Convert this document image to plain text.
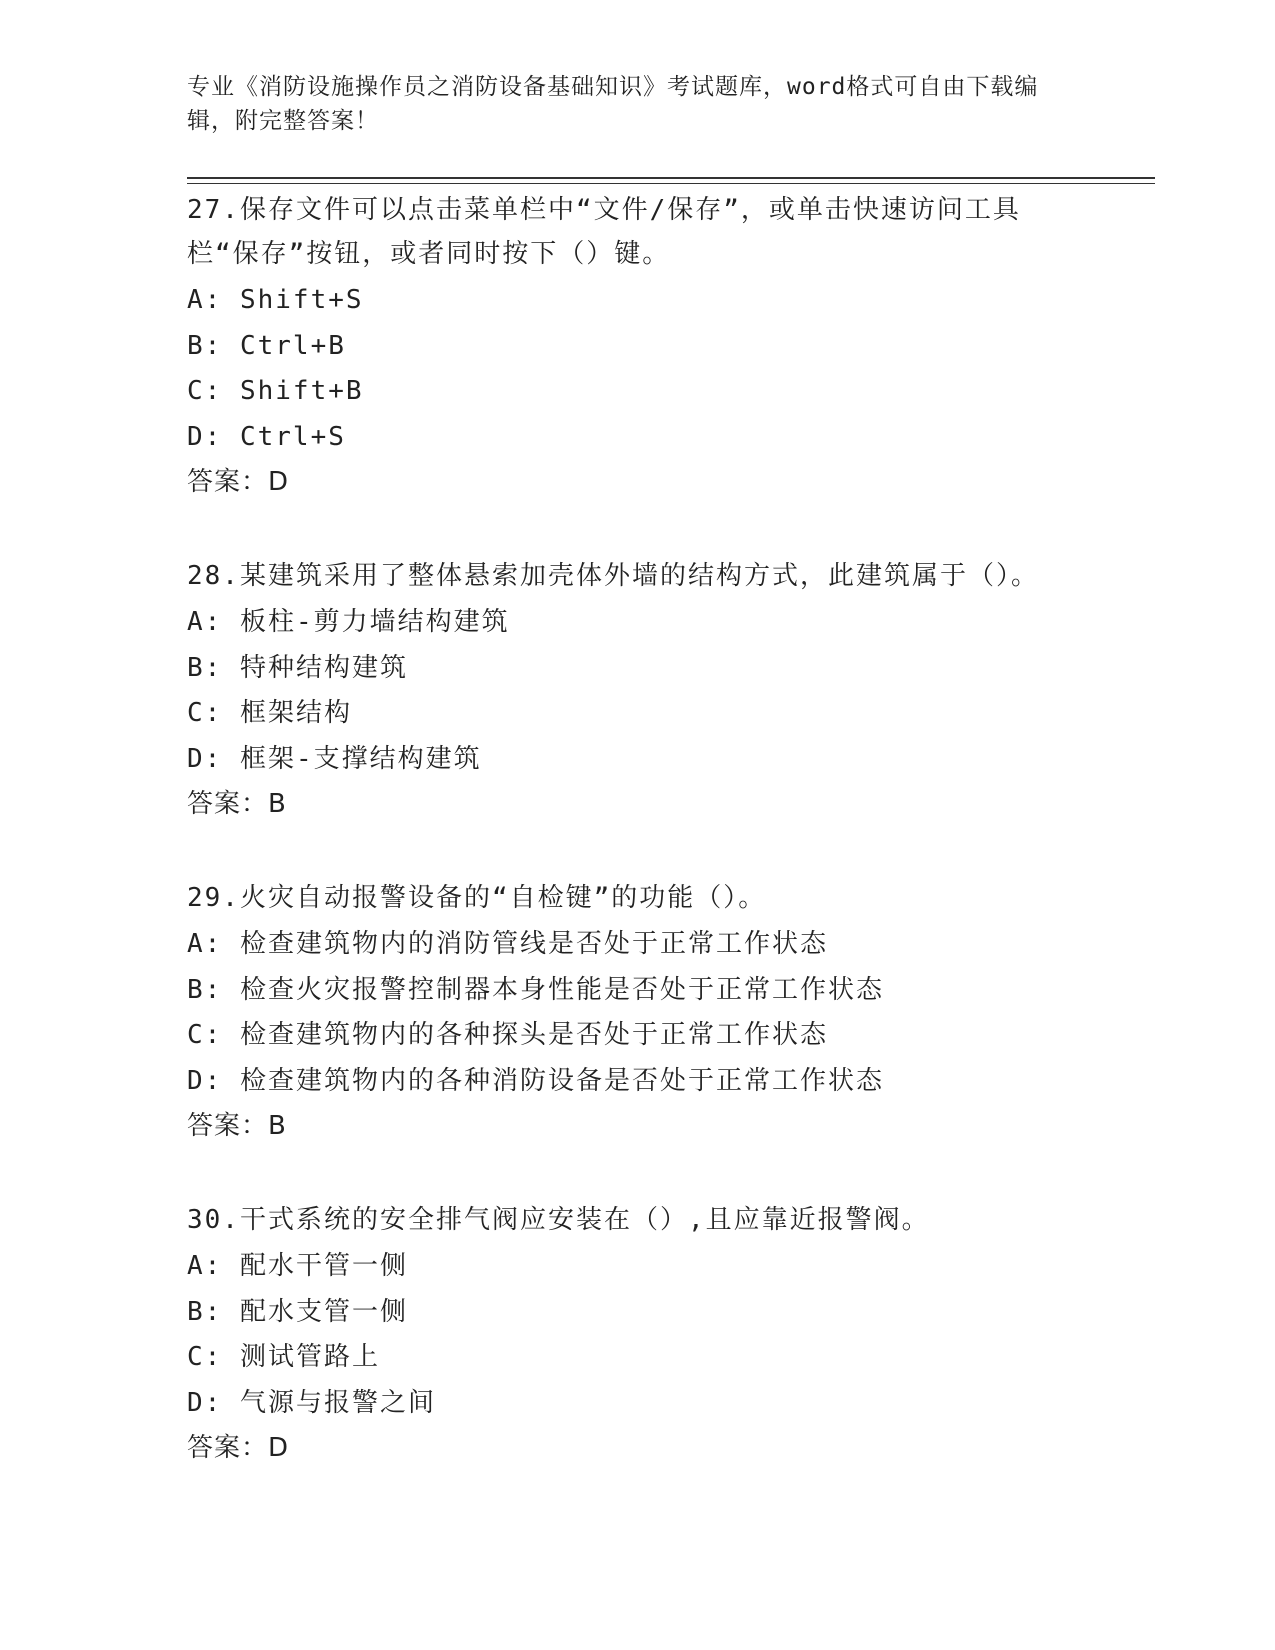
专业《消防设施操作员之消防设备基础知识》考试题库，word格式可自由下载编辑，附完整答案！
27.保存文件可以点击菜单栏中“文件/保存”，或单击快速访问工具栏“保存”按钮，或者同时按下（）键。
A: Shift+S
B: Ctrl+B
C: Shift+B
D: Ctrl+S
答案：D
28.某建筑采用了整体悬索加壳体外墙的结构方式，此建筑属于（）。
A: 板柱-剪力墙结构建筑
B: 特种结构建筑
C: 框架结构
D: 框架-支撑结构建筑
答案：B
29.火灾自动报警设备的“自检键”的功能（）。
A: 检查建筑物内的消防管线是否处于正常工作状态
B: 检查火灾报警控制器本身性能是否处于正常工作状态
C: 检查建筑物内的各种探头是否处于正常工作状态
D: 检查建筑物内的各种消防设备是否处于正常工作状态
答案：B
30.干式系统的安全排气阀应安装在（）,且应靠近报警阀。
A: 配水干管一侧
B: 配水支管一侧
C: 测试管路上
D: 气源与报警之间
答案：D
